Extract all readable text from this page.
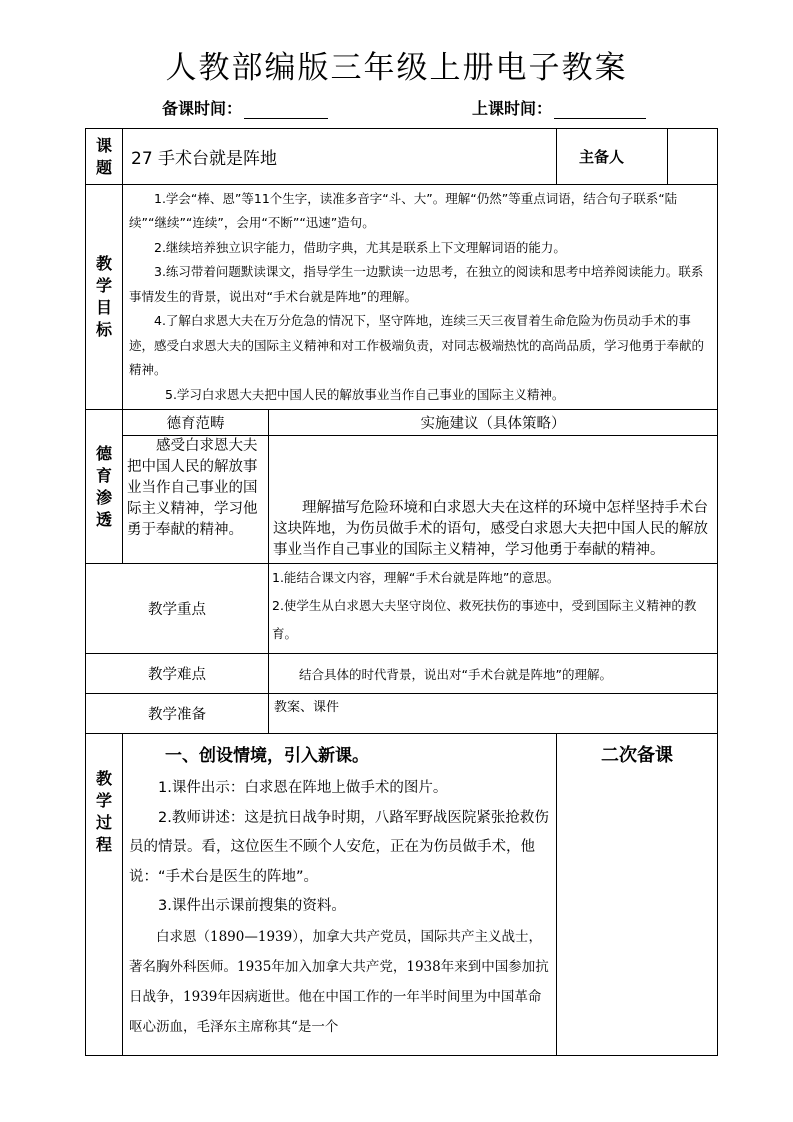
人教部编版三年级上册电子教案
备课时间：	上课时间：
课题	27 手术台就是阵地		主备人	

教学目标	1.学会“棒、恩”等11个生字，读准多音字“斗、大”。理解“仍然”等重点词语，结合句子联系“陆续”“继续”“连续”，会用“不断”“迅速”造句。

2.继续培养独立识字能力，借助字典，尤其是联系上下文理解词语的能力。

3.练习带着问题默读课文，指导学生一边默读一边思考，在独立的阅读和思考中培养阅读能力。联系事情发生的背景，说出对“手术台就是阵地”的理解。

4.了解白求恩大夫在万分危急的情况下，坚守阵地，连续三天三夜冒着生命危险为伤员动手术的事迹，感受白求恩大夫的国际主义精神和对工作极端负责，对同志极端热忱的高尚品质，学习他勇于奉献的精神。

5.学习白求恩大夫把中国人民的解放事业当作自己事业的国际主义精神。			

德育渗透	德育范畴	实施建议（具体策略）		

	感受白求恩大夫把中国人民的解放事业当作自己事业的国际主义精神，学习他勇于奉献的精神。	理解描写危险环境和白求恩大夫在这样的环境中怎样坚持手术台这块阵地，为伤员做手术的语句，感受白求恩大夫把中国人民的解放事业当作自己事业的国际主义精神，学习他勇于奉献的精神。		

教学重点		1.能结合课文内容，理解“手术台就是阵地”的意思。

2.使学生从白求恩大夫坚守岗位、救死扶伤的事迹中，受到国际主义精神的教育。		

教学难点		结合具体的时代背景，说出对“手术台就是阵地”的理解。		
教学准备		教案、课件		

教学过程	一、创设情境，引入新课。

1.课件出示：白求恩在阵地上做手术的图片。

2.教师讲述：这是抗日战争时期，八路军野战医院紧张抢救伤员的情景。看，这位医生不顾个人安危，正在为伤员做手术，他说：“手术台是医生的阵地”。

3.课件出示课前搜集的资料。

白求恩（1890—1939），加拿大共产党员，国际共产主义战士，著名胸外科医师。1935年加入加拿大共产党，1938年来到中国参加抗日战争，1939年因病逝世。他在中国工作的一年半时间里为中国革命呕心沥血，毛泽东主席称其“是一个		二次备课	
